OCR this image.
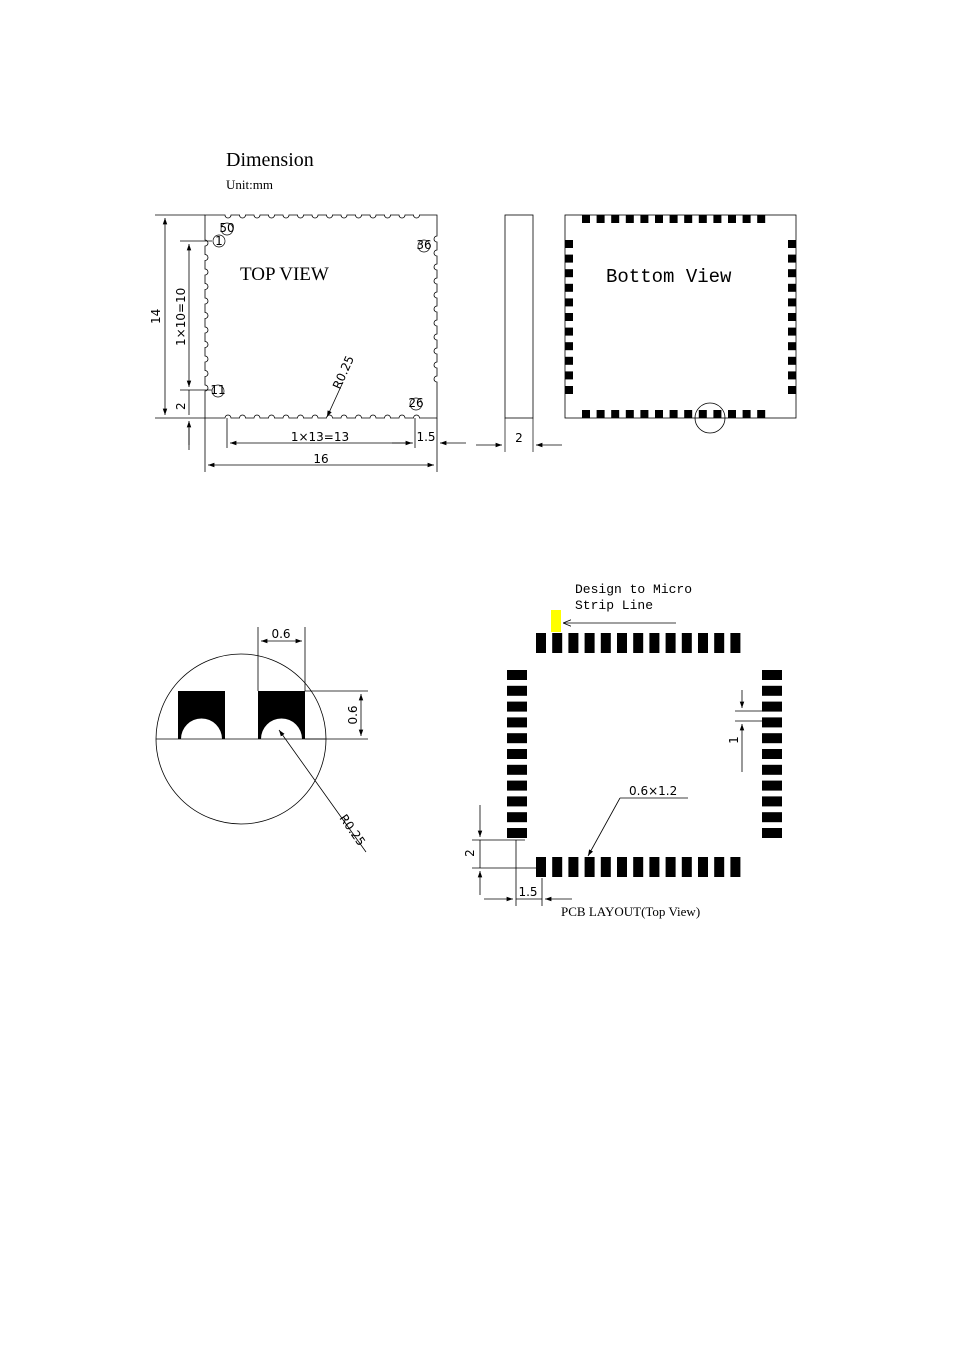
Dimension
Unit:mm
TOP VIEW
1
50
36
11
26
R0.25
14 1×10=10
2
1×13=13	1.5
16
2
Bottom View
0.6
0.6
R0.25
Design to Micro
Strip Line
1
0.6×1.2
2
1.5
PCB LAYOUT(Top View)
